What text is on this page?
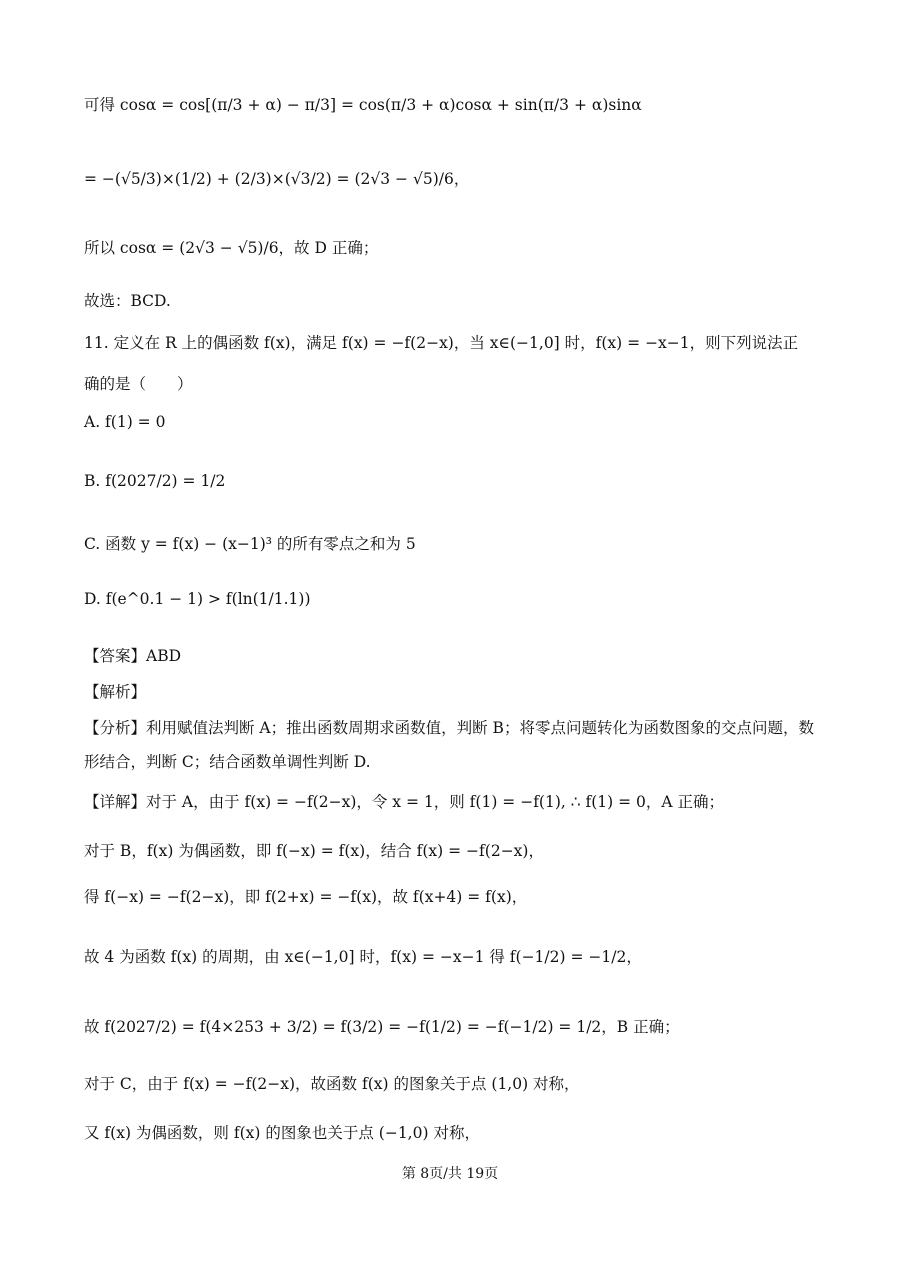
可得 cosα = cos[(π/3 + α) − π/3] = cos(π/3 + α)cosα + sin(π/3 + α)sinα
= −(√5/3)×(1/2) + (2/3)×(√3/2) = (2√3 − √5)/6，
所以 cosα = (2√3 − √5)/6，故 D 正确；
故选：BCD.
11. 定义在 R 上的偶函数 f(x)，满足 f(x) = −f(2−x)，当 x∈(−1,0] 时，f(x) = −x−1，则下列说法正
确的是（　　）
A. f(1) = 0
B. f(2027/2) = 1/2
C. 函数 y = f(x) − (x−1)³ 的所有零点之和为 5
D. f(e^0.1 − 1) > f(ln(1/1.1))
【答案】ABD
【解析】
【分析】利用赋值法判断 A；推出函数周期求函数值，判断 B；将零点问题转化为函数图象的交点问题，数
形结合，判断 C；结合函数单调性判断 D.
【详解】对于 A，由于 f(x) = −f(2−x)，令 x = 1，则 f(1) = −f(1), ∴ f(1) = 0，A 正确；
对于 B，f(x) 为偶函数，即 f(−x) = f(x)，结合 f(x) = −f(2−x)，
得 f(−x) = −f(2−x)，即 f(2+x) = −f(x)，故 f(x+4) = f(x)，
故 4 为函数 f(x) 的周期，由 x∈(−1,0] 时，f(x) = −x−1 得 f(−1/2) = −1/2，
故 f(2027/2) = f(4×253 + 3/2) = f(3/2) = −f(1/2) = −f(−1/2) = 1/2，B 正确；
对于 C，由于 f(x) = −f(2−x)，故函数 f(x) 的图象关于点 (1,0) 对称，
又 f(x) 为偶函数，则 f(x) 的图象也关于点 (−1,0) 对称，
第 8页/共 19页
